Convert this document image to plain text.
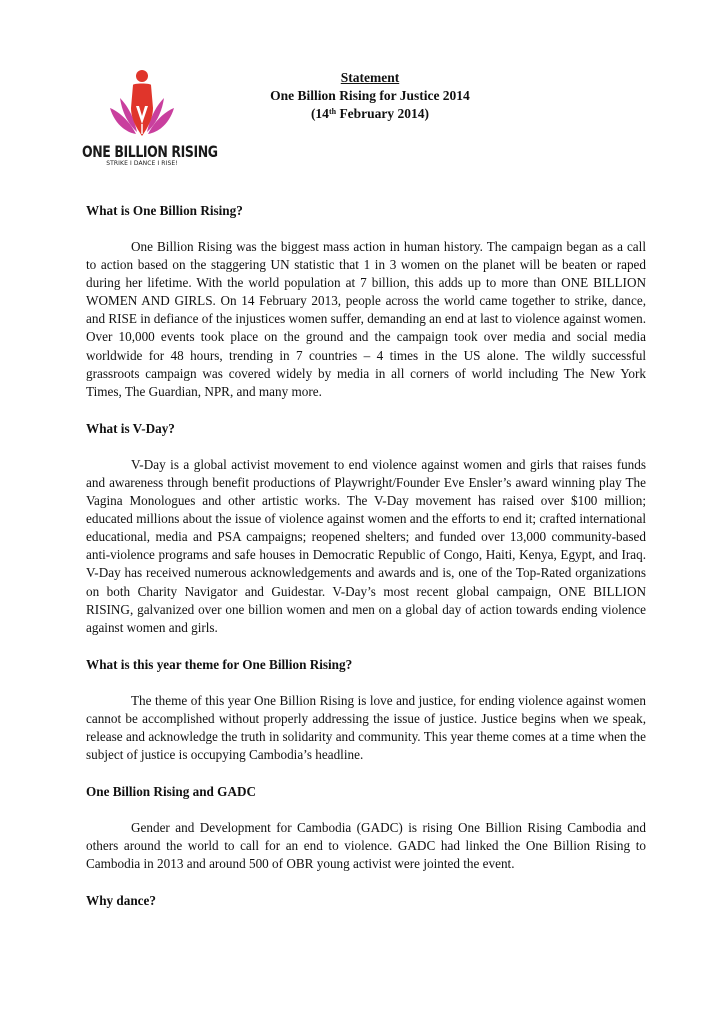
ONE BILLION RISING
STRIKE I DANCE I RISE!
Statement
One Billion Rising for Justice 2014
(14th February 2014)

What is One Billion Rising?

One Billion Rising was the biggest mass action in human history. The campaign began as a call to action based on the staggering UN statistic that 1 in 3 women on the planet will be beaten or raped during her lifetime. With the world population at 7 billion, this adds up to more than ONE BILLION WOMEN AND GIRLS. On 14 February 2013, people across the world came together to strike, dance, and RISE in defiance of the injustices women suffer, demanding an end at last to violence against women. Over 10,000 events took place on the ground and the campaign took over media and social media worldwide for 48 hours, trending in 7 countries – 4 times in the US alone. The wildly successful grassroots campaign was covered widely by media in all corners of world including The New York Times, The Guardian, NPR, and many more.

What is V-Day?

V-Day is a global activist movement to end violence against women and girls that raises funds and awareness through benefit productions of Playwright/Founder Eve Ensler’s award winning play The Vagina Monologues and other artistic works. The V-Day movement has raised over $100 million; educated millions about the issue of violence against women and the efforts to end it; crafted international educational, media and PSA campaigns; reopened shelters; and funded over 13,000 community-based anti-violence programs and safe houses in Democratic Republic of Congo, Haiti, Kenya, Egypt, and Iraq. V-Day has received numerous acknowledgements and awards and is, one of the Top-Rated organizations on both Charity Navigator and Guidestar. V-Day’s most recent global campaign, ONE BILLION RISING, galvanized over one billion women and men on a global day of action towards ending violence against women and girls.

What is this year theme for One Billion Rising?

The theme of this year One Billion Rising is love and justice, for ending violence against women cannot be accomplished without properly addressing the issue of justice. Justice begins when we speak, release and acknowledge the truth in solidarity and community. This year theme comes at a time when the subject of justice is occupying Cambodia’s headline.

One Billion Rising and GADC

Gender and Development for Cambodia (GADC) is rising One Billion Rising Cambodia and others around the world to call for an end to violence. GADC had linked the One Billion Rising to Cambodia in 2013 and around 500 of OBR young activist were jointed the event.

Why dance?
